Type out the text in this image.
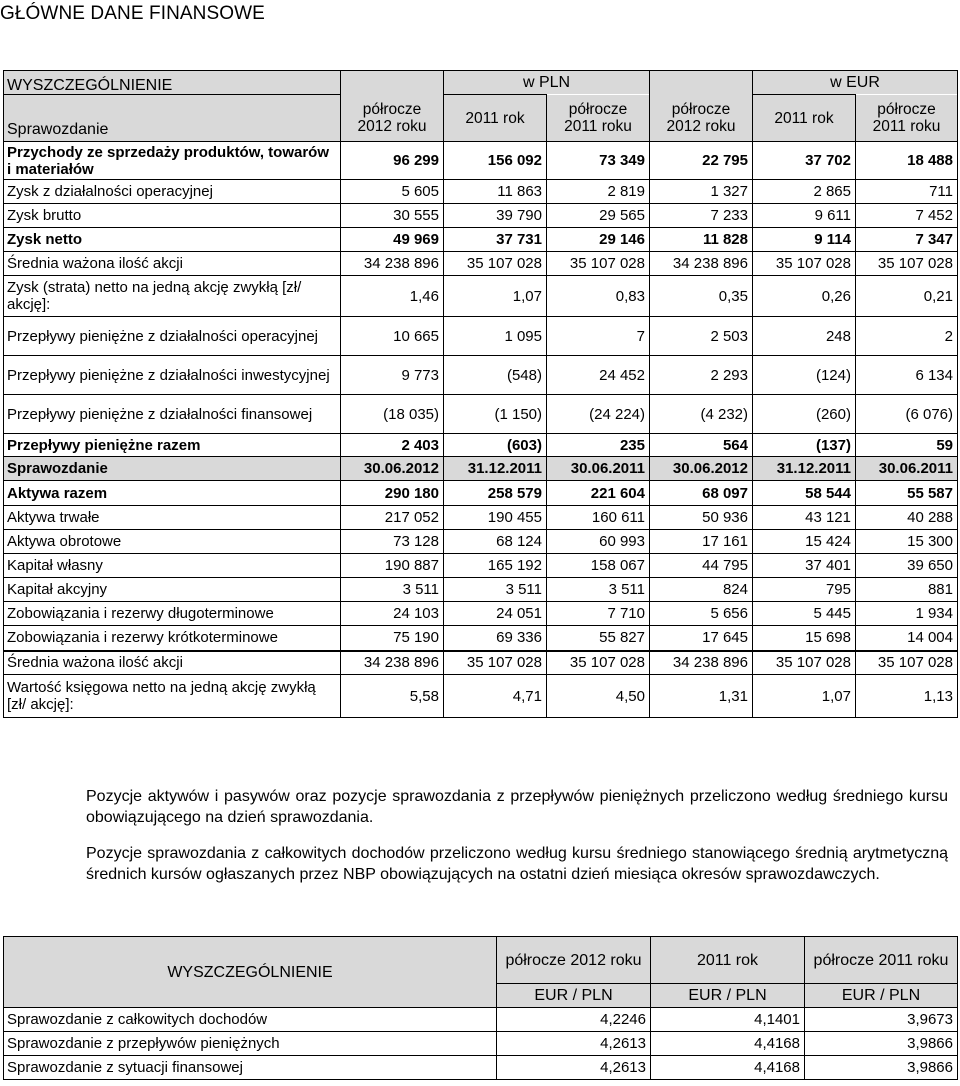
GŁÓWNE DANE FINANSOWE
WYSZCZEGÓLNIENIE		w PLN			w EUR		
Sprawozdanie	półrocze 2012 roku	2011 rok	półrocze 2011 roku	półrocze 2012 roku	2011 rok	półrocze 2011 roku	
Przychody ze sprzedaży produktów, towarów i materiałów	96 299	156 092	73 349	22 795	37 702	18 488	
Zysk z działalności operacyjnej	5 605	11 863	2 819	1 327	2 865	711	
Zysk brutto	30 555	39 790	29 565	7 233	9 611	7 452	
Zysk netto	49 969	37 731	29 146	11 828	9 114	7 347	
Średnia ważona ilość akcji	34 238 896	35 107 028	35 107 028	34 238 896	35 107 028	35 107 028	
Zysk (strata) netto na jedną akcję zwykłą [zł/ akcję]:	1,46	1,07	0,83	0,35	0,26	0,21	
Przepływy pieniężne z działalności operacyjnej	10 665	1 095	7	2 503	248	2	
Przepływy pieniężne z działalności inwestycyjnej	9 773	(548)	24 452	2 293	(124)	6 134	
Przepływy pieniężne z działalności finansowej	(18 035)	(1 150)	(24 224)	(4 232)	(260)	(6 076)	
Przepływy pieniężne razem	2 403	(603)	235	564	(137)	59	
Sprawozdanie	30.06.2012	31.12.2011	30.06.2011	30.06.2012	31.12.2011	30.06.2011	
Aktywa razem	290 180	258 579	221 604	68 097	58 544	55 587	
Aktywa trwałe	217 052	190 455	160 611	50 936	43 121	40 288	
Aktywa obrotowe	73 128	68 124	60 993	17 161	15 424	15 300	
Kapitał własny	190 887	165 192	158 067	44 795	37 401	39 650	
Kapitał akcyjny	3 511	3 511	3 511	824	795	881	
Zobowiązania i rezerwy długoterminowe	24 103	24 051	7 710	5 656	5 445	1 934	
Zobowiązania i rezerwy krótkoterminowe	75 190	69 336	55 827	17 645	15 698	14 004	
Średnia ważona ilość akcji	34 238 896	35 107 028	35 107 028	34 238 896	35 107 028	35 107 028	
Wartość księgowa netto na jedną akcję zwykłą [zł/ akcję]:	5,58	4,71	4,50	1,31	1,07	1,13	
Pozycje aktywów i pasywów oraz pozycje sprawozdania z przepływów pieniężnych przeliczono według średniego kursu obowiązującego na dzień sprawozdania.
Pozycje sprawozdania z całkowitych dochodów przeliczono według kursu średniego stanowiącego średnią arytmetyczną średnich kursów ogłaszanych przez NBP obowiązujących na ostatni dzień miesiąca okresów sprawozdawczych.
WYSZCZEGÓLNIENIE	półrocze 2012 roku	2011 rok	półrocze 2011 roku
	EUR / PLN	EUR / PLN	EUR / PLN
Sprawozdanie z całkowitych dochodów	4,2246	4,1401	3,9673
Sprawozdanie z przepływów pieniężnych	4,2613	4,4168	3,9866
Sprawozdanie z sytuacji finansowej	4,2613	4,4168	3,9866
